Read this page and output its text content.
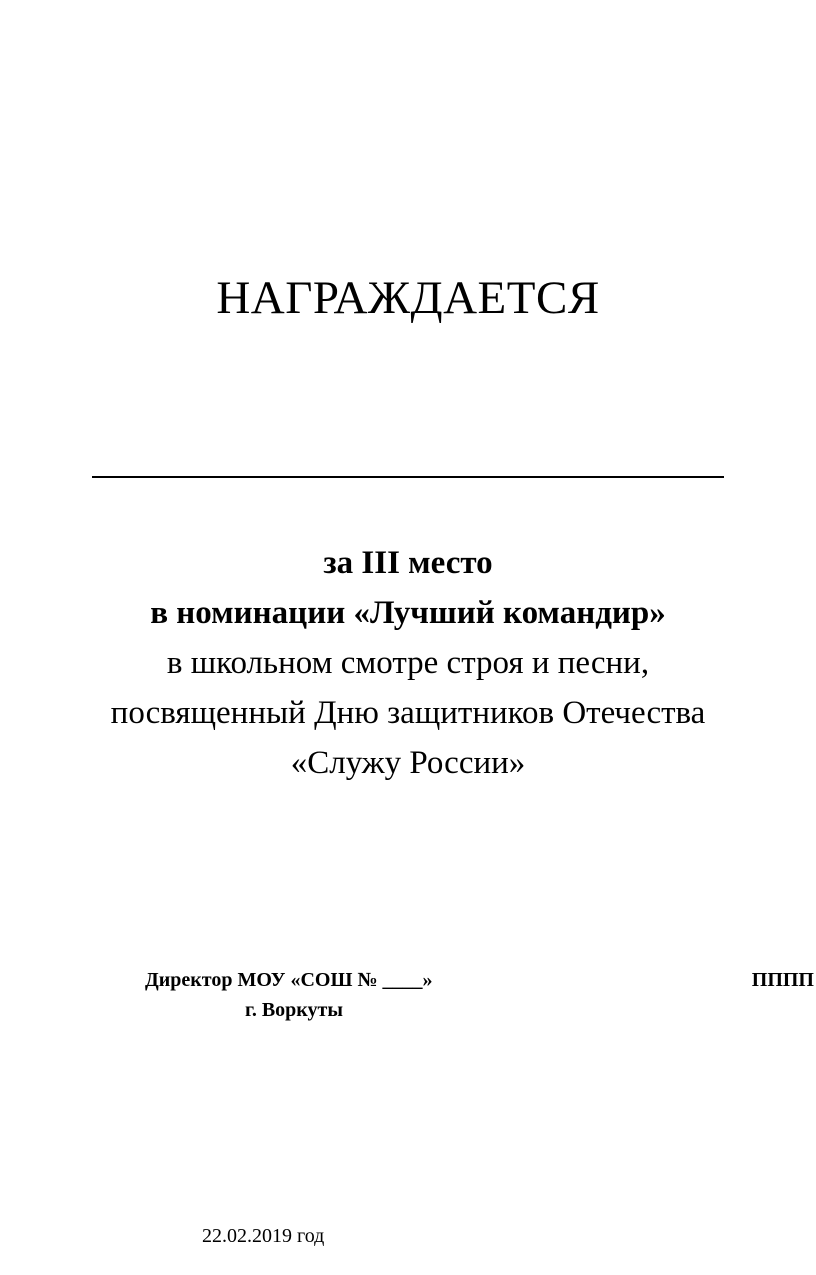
НАГРАЖДАЕТСЯ
за III место
в номинации «Лучший командир»
в школьном смотре строя и песни,
посвященный Дню защитников Отечества
«Служу России»
Директор МОУ «СОШ № ____»
г. Воркуты
ПППП
22.02.2019 год
